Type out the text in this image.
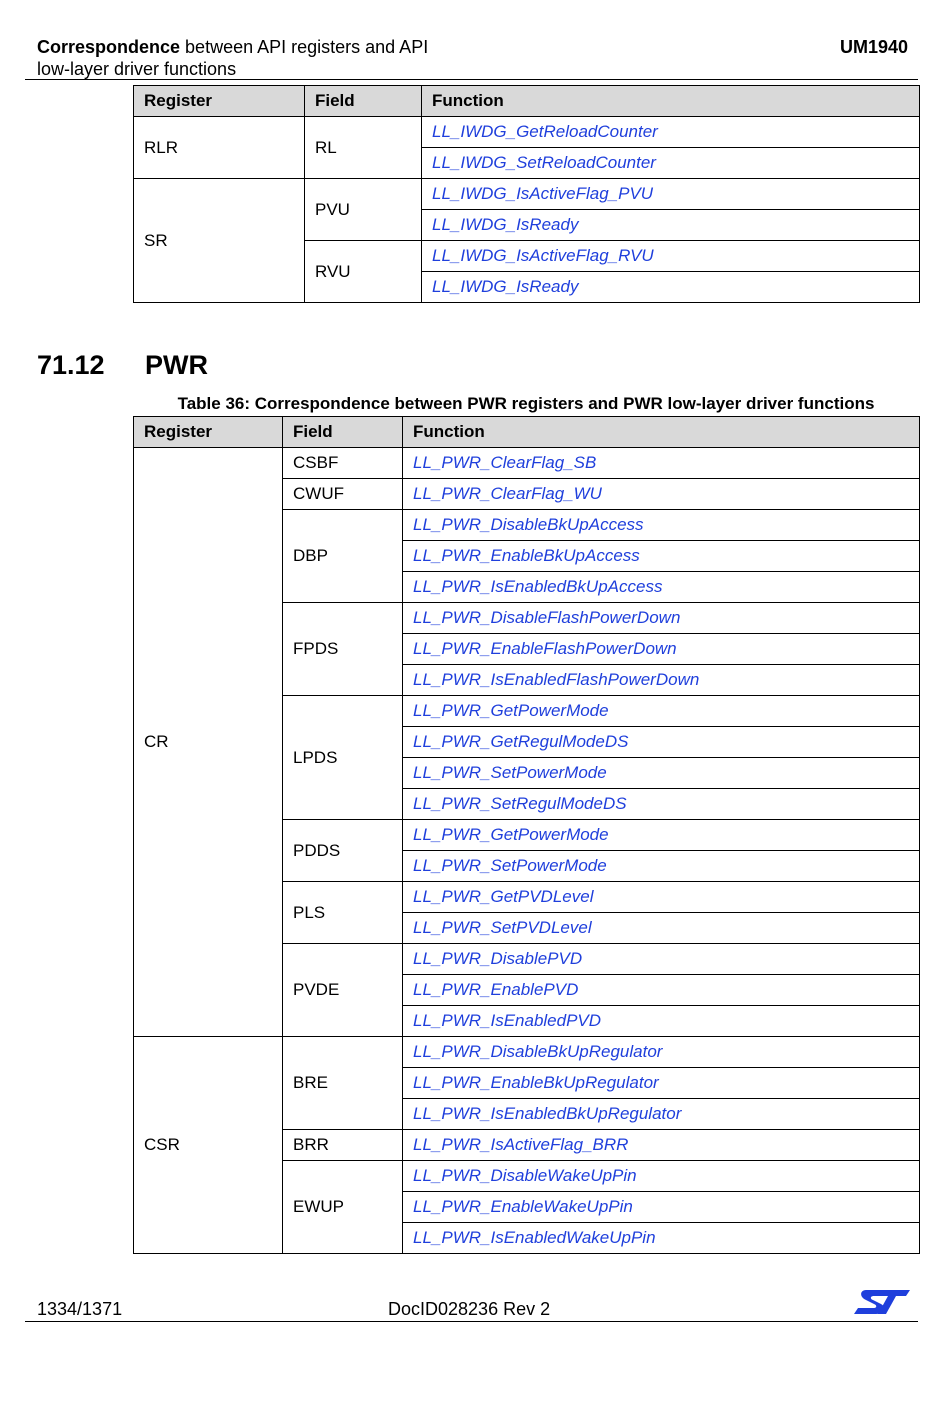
Correspondence between API registers and API
low-layer driver functions
UM1940
Register	Field	Function
RLR	RL	LL_IWDG_GetReloadCounter
		LL_IWDG_SetReloadCounter
SR	PVU	LL_IWDG_IsActiveFlag_PVU
		LL_IWDG_IsReady
	RVU	LL_IWDG_IsActiveFlag_RVU
		LL_IWDG_IsReady
71.12 PWR
Table 36: Correspondence between PWR registers and PWR low-layer driver functions
Register	Field	Function
CR	CSBF	LL_PWR_ClearFlag_SB
	CWUF	LL_PWR_ClearFlag_WU
	DBP	LL_PWR_DisableBkUpAccess
		LL_PWR_EnableBkUpAccess
		LL_PWR_IsEnabledBkUpAccess
	FPDS	LL_PWR_DisableFlashPowerDown
		LL_PWR_EnableFlashPowerDown
		LL_PWR_IsEnabledFlashPowerDown
	LPDS	LL_PWR_GetPowerMode
		LL_PWR_GetRegulModeDS
		LL_PWR_SetPowerMode
		LL_PWR_SetRegulModeDS
	PDDS	LL_PWR_GetPowerMode
		LL_PWR_SetPowerMode
	PLS	LL_PWR_GetPVDLevel
		LL_PWR_SetPVDLevel
	PVDE	LL_PWR_DisablePVD
		LL_PWR_EnablePVD
		LL_PWR_IsEnabledPVD
CSR	BRE	LL_PWR_DisableBkUpRegulator
		LL_PWR_EnableBkUpRegulator
		LL_PWR_IsEnabledBkUpRegulator
	BRR	LL_PWR_IsActiveFlag_BRR
	EWUP	LL_PWR_DisableWakeUpPin
		LL_PWR_EnableWakeUpPin
		LL_PWR_IsEnabledWakeUpPin
1334/1371	DocID028236 Rev 2
